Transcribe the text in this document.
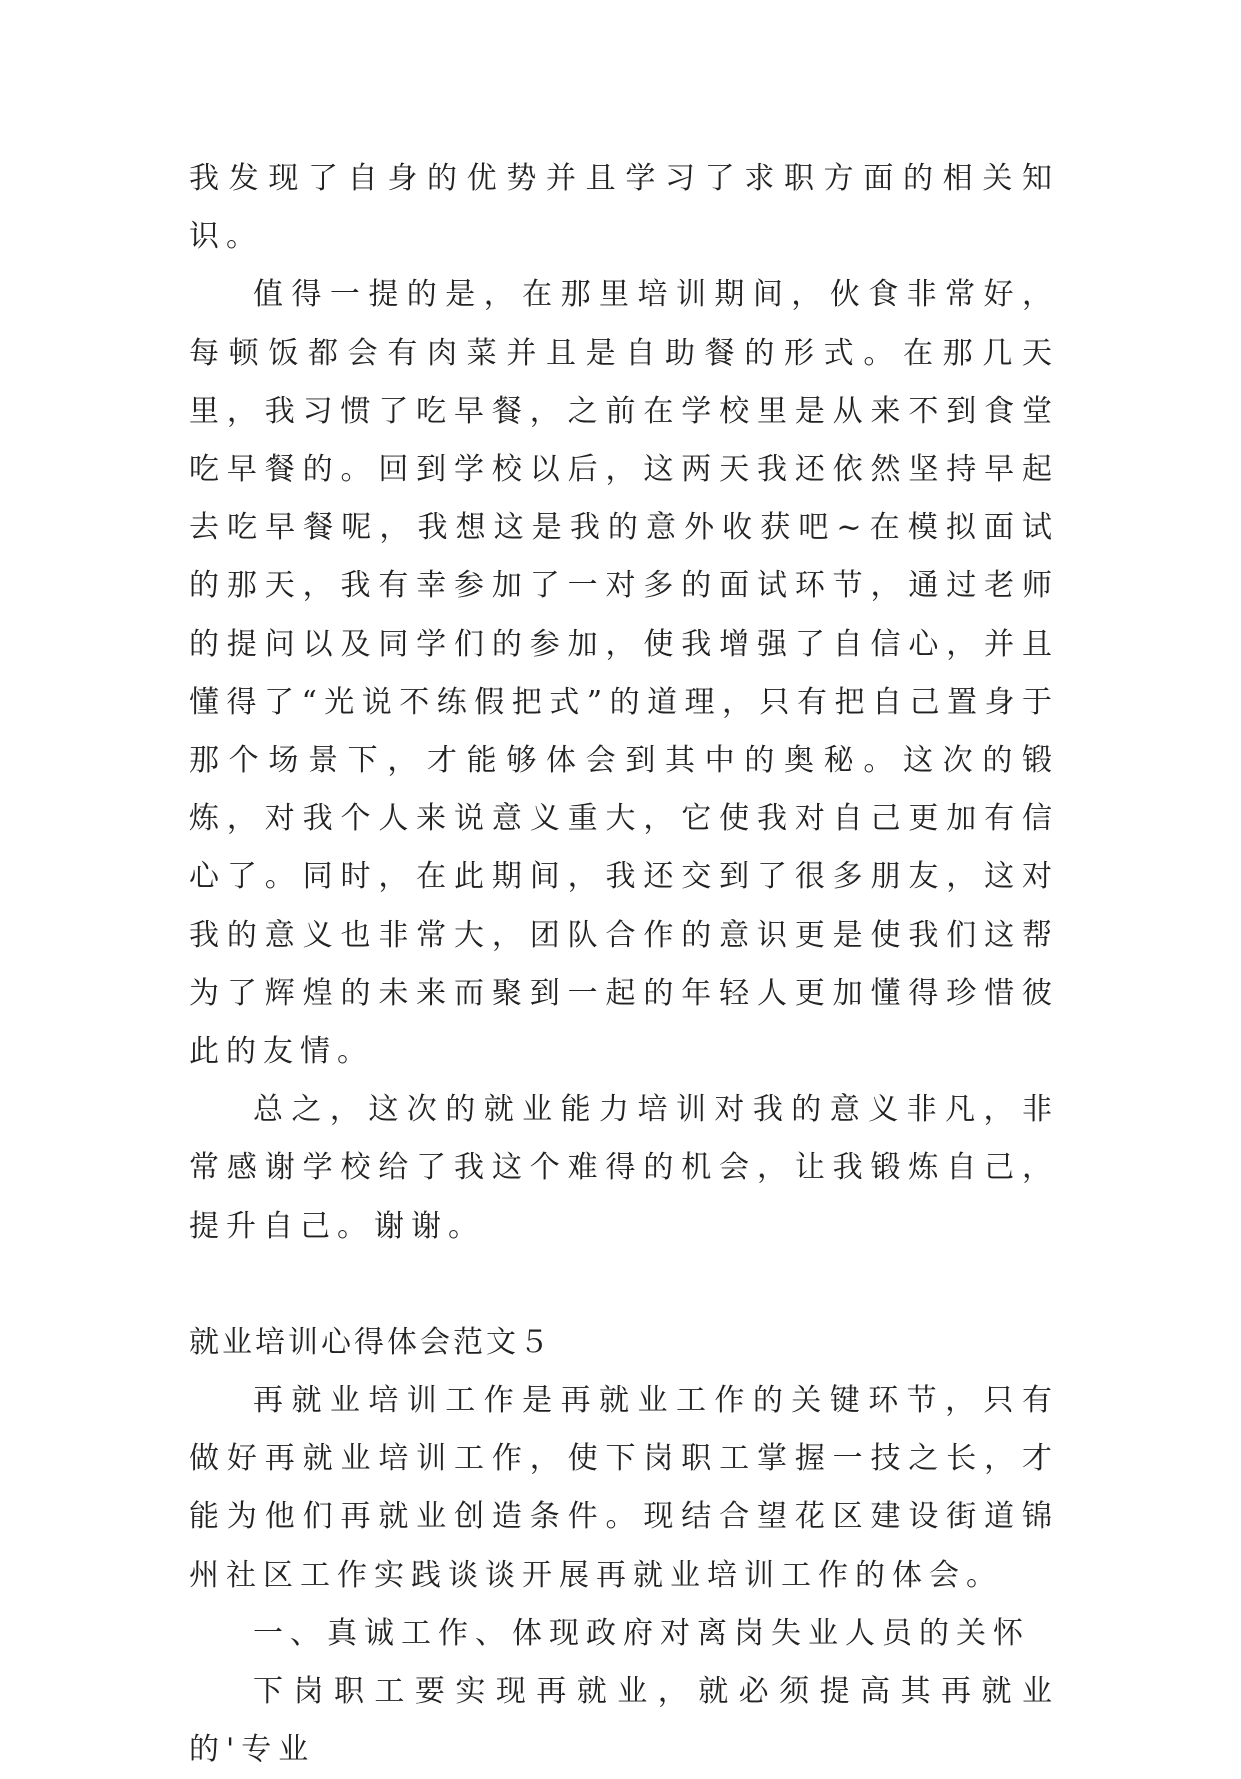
我发现了自身的优势并且学习了求职方面的相关知识。

值得一提的是，在那里培训期间，伙食非常好，每顿饭都会有肉菜并且是自助餐的形式。在那几天里，我习惯了吃早餐，之前在学校里是从来不到食堂吃早餐的。回到学校以后，这两天我还依然坚持早起去吃早餐呢，我想这是我的意外收获吧~在模拟面试的那天，我有幸参加了一对多的面试环节，通过老师的提问以及同学们的参加，使我增强了自信心，并且懂得了“光说不练假把式”的道理，只有把自己置身于那个场景下，才能够体会到其中的奥秘。这次的锻炼，对我个人来说意义重大，它使我对自己更加有信心了。同时，在此期间，我还交到了很多朋友，这对我的意义也非常大，团队合作的意识更是使我们这帮为了辉煌的未来而聚到一起的年轻人更加懂得珍惜彼此的友情。

总之，这次的就业能力培训对我的意义非凡，非常感谢学校给了我这个难得的机会，让我锻炼自己，提升自己。谢谢。

就业培训心得体会范文５

再就业培训工作是再就业工作的关键环节，只有做好再就业培训工作，使下岗职工掌握一技之长，才能为他们再就业创造条件。现结合望花区建设街道锦州社区工作实践谈谈开展再就业培训工作的体会。

一、真诚工作、体现政府对离岗失业人员的关怀

下岗职工要实现再就业，就必须提高其再就业的'专业
